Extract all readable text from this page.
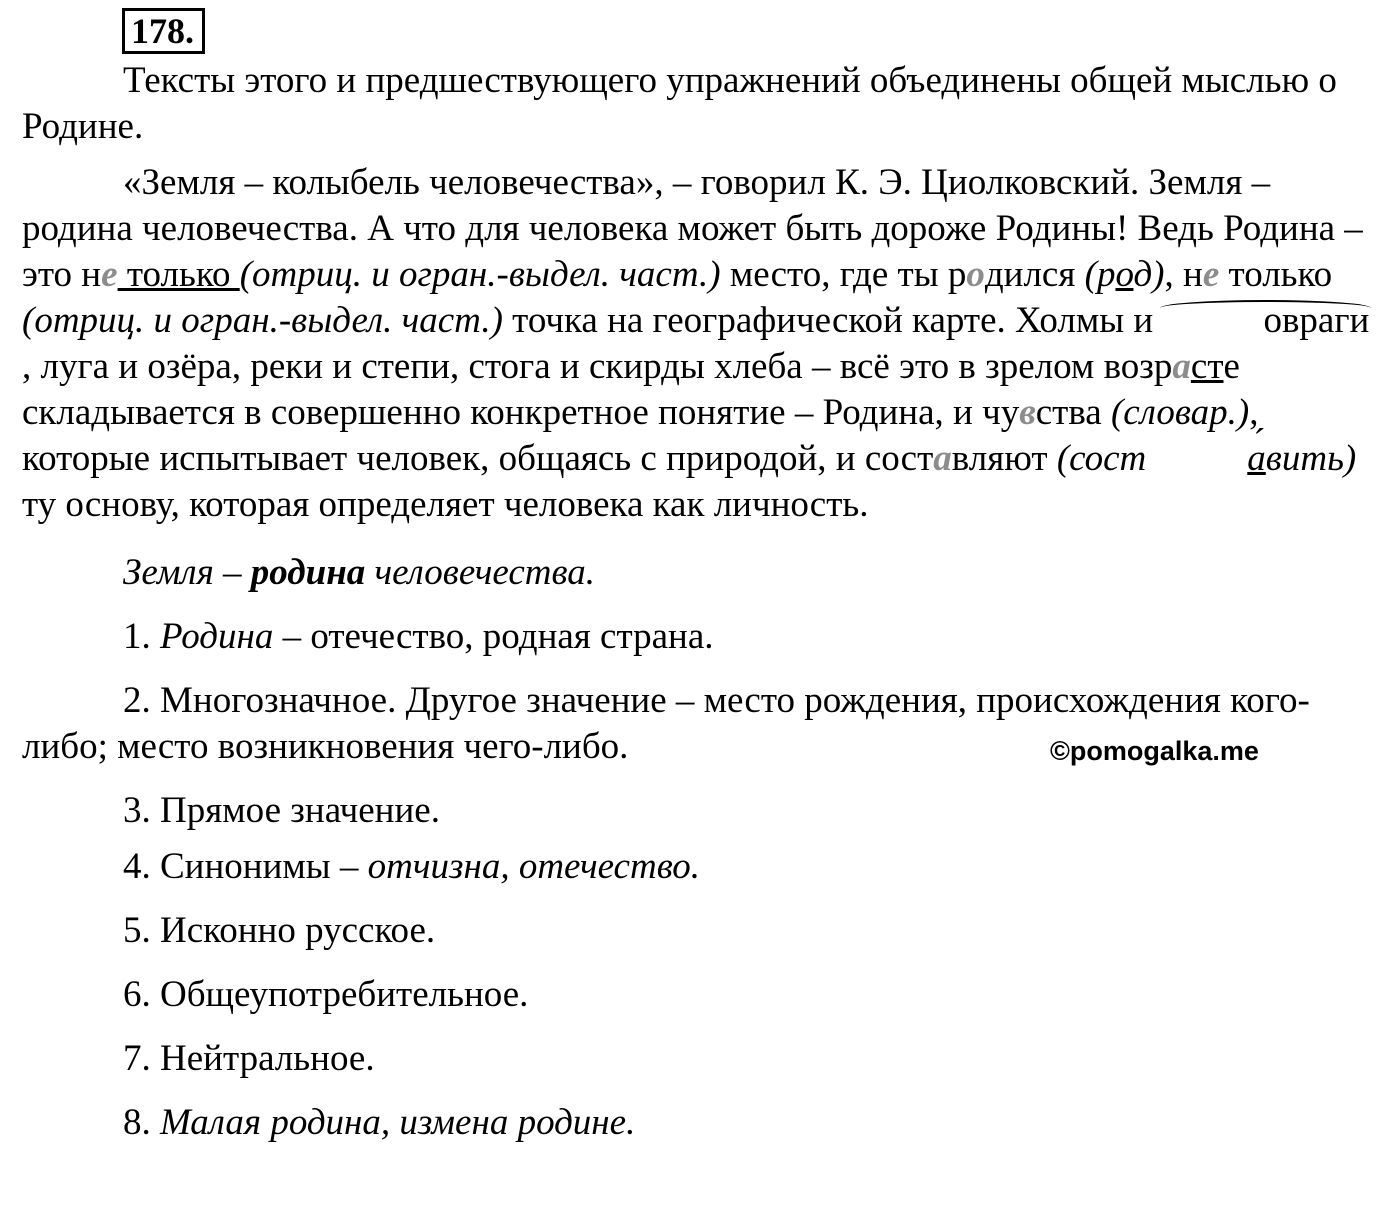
178.

Тексты этого и предшествующего упражнений объединены общей мыслью о Родине.

«Земля – колыбель человечества», – говорил К. Э. Циолковский. Земля – родина человечества. А что для человека может быть дороже Родины! Ведь Родина – это не только (отриц. и огран.-выдел. част.) место, где ты родился (род), не только (отриц. и огран.-выдел. част.) точка на географической карте. Холмы и	овраги, луга и озёра, реки и степи, стога и скирды хлеба – всё это в зрелом возрасте складывается в совершенно конкретное понятие – Родина, и чувства (словар.), которые испытывает человек, общаясь с природой, и составляют (сост	а ´вить) ту основу, которая определяет человека как личность.

Земля – родина человечества.

1. Родина – отечество, родная страна.

2. Многозначное. Другое значение – место рождения, происхождения кого-либо; место возникновения чего-либо.

3. Прямое значение.

4. Синонимы – отчизна, отечество.

5. Исконно русское.

6. Общеупотребительное.

7. Нейтральное.

8. Малая родина, измена родине.

©pomogalka.me
